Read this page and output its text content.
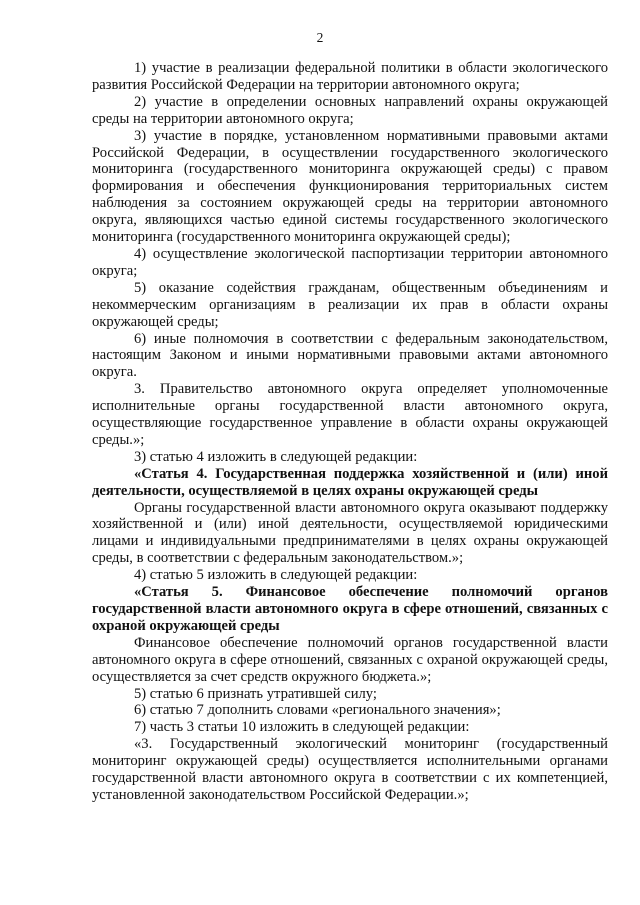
2

1) участие в реализации федеральной политики в области экологического развития Российской Федерации на территории автономного округа;

2) участие в определении основных направлений охраны окружающей среды на территории автономного округа;

3) участие в порядке, установленном нормативными правовыми актами Российской Федерации, в осуществлении государственного экологического мониторинга (государственного мониторинга окружающей среды) с правом формирования и обеспечения функционирования территориальных систем наблюдения за состоянием окружающей среды на территории автономного округа, являющихся частью единой системы государственного экологического мониторинга (государственного мониторинга окружающей среды);

4) осуществление экологической паспортизации территории автономного округа;

5) оказание содействия гражданам, общественным объединениям и некоммерческим организациям в реализации их прав в области охраны окружающей среды;

6) иные полномочия в соответствии с федеральным законодательством, настоящим Законом и иными нормативными правовыми актами автономного округа.

3. Правительство автономного округа определяет уполномоченные исполнительные органы государственной власти автономного округа, осуществляющие государственное управление в области охраны окружающей среды.»;

3) статью 4 изложить в следующей редакции:

«Статья 4. Государственная поддержка хозяйственной и (или) иной деятельности, осуществляемой в целях охраны окружающей среды

Органы государственной власти автономного округа оказывают поддержку хозяйственной и (или) иной деятельности, осуществляемой юридическими лицами и индивидуальными предпринимателями в целях охраны окружающей среды, в соответствии с федеральным законодательством.»;

4) статью 5 изложить в следующей редакции:

«Статья 5. Финансовое обеспечение полномочий органов государственной власти автономного округа в сфере отношений, связанных с охраной окружающей среды

Финансовое обеспечение полномочий органов государственной власти автономного округа в сфере отношений, связанных с охраной окружающей среды, осуществляется за счет средств окружного бюджета.»;

5) статью 6 признать утратившей силу;

6) статью 7 дополнить словами «регионального значения»;

7) часть 3 статьи 10 изложить в следующей редакции:

«3. Государственный экологический мониторинг (государственный мониторинг окружающей среды) осуществляется исполнительными органами государственной власти автономного округа в соответствии с их компетенцией, установленной законодательством Российской Федерации.»;
